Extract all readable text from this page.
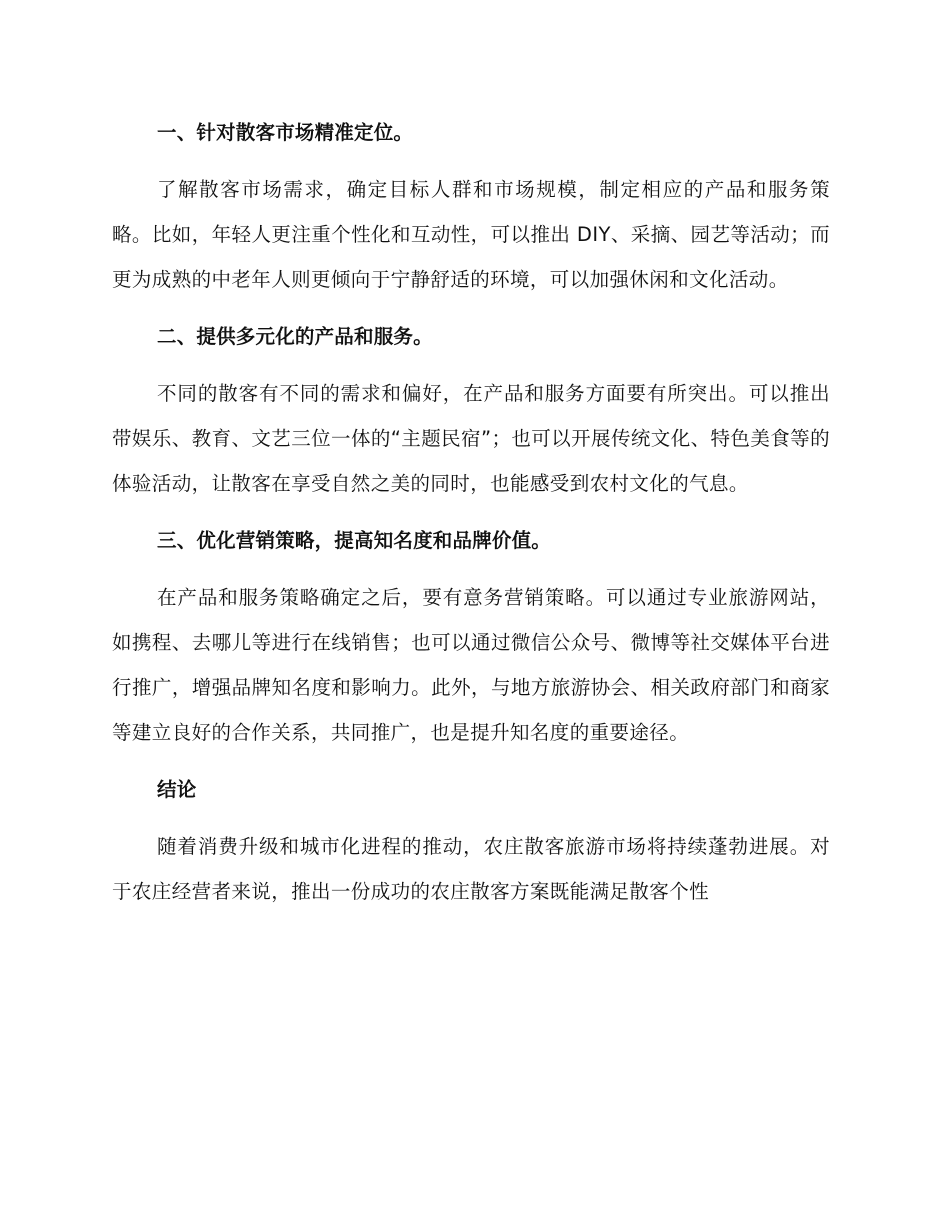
一、针对散客市场精准定位。

了解散客市场需求，确定目标人群和市场规模，制定相应的产品和服务策略。比如，年轻人更注重个性化和互动性，可以推出 DIY、采摘、园艺等活动；而更为成熟的中老年人则更倾向于宁静舒适的环境，可以加强休闲和文化活动。

二、提供多元化的产品和服务。

不同的散客有不同的需求和偏好，在产品和服务方面要有所突出。可以推出带娱乐、教育、文艺三位一体的“主题民宿”；也可以开展传统文化、特色美食等的体验活动，让散客在享受自然之美的同时，也能感受到农村文化的气息。

三、优化营销策略，提高知名度和品牌价值。

在产品和服务策略确定之后，要有意务营销策略。可以通过专业旅游网站，如携程、去哪儿等进行在线销售；也可以通过微信公众号、微博等社交媒体平台进行推广，增强品牌知名度和影响力。此外，与地方旅游协会、相关政府部门和商家等建立良好的合作关系，共同推广，也是提升知名度的重要途径。

结论

随着消费升级和城市化进程的推动，农庄散客旅游市场将持续蓬勃进展。对于农庄经营者来说，推出一份成功的农庄散客方案既能满足散客个性
